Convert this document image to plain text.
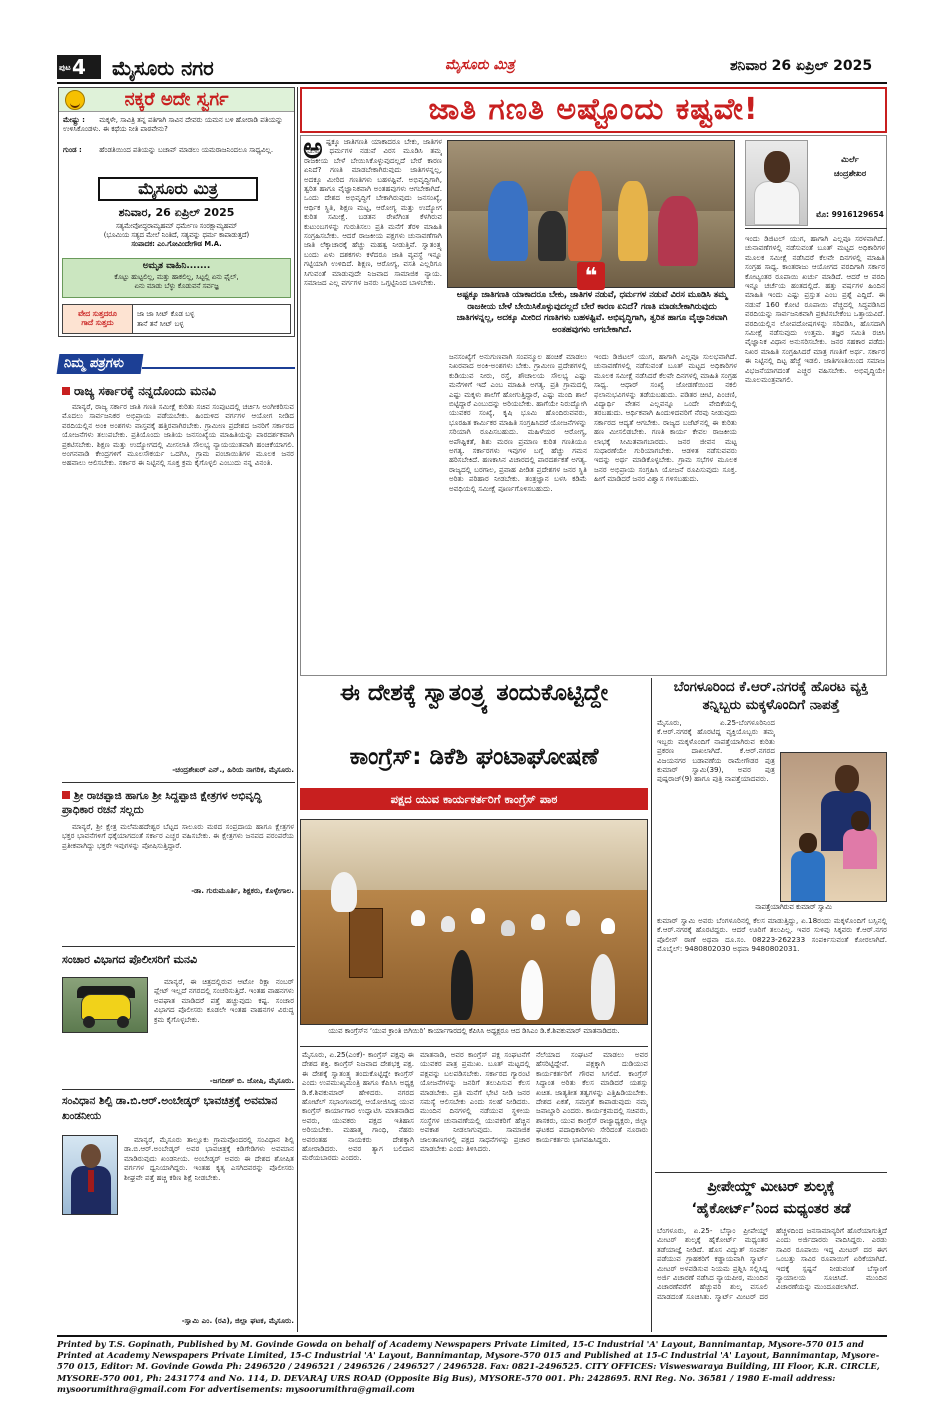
ಪುಟ 4	ಮೈಸೂರು ನಗರ	ಮೈಸೂರು ಮಿತ್ರ	ಶನಿವಾರ 26 ಏಪ್ರಿಲ್ 2025
ನಕ್ಕರೆ ಅದೇ ಸ್ವರ್ಗ
ಮೇಷ್ಟ್ರು : ಮಕ್ಕಳೇ, ಸಾವಿತ್ರಿ ತನ್ನ ಪತಿಗಾಗಿ ಸಾವಿನ ದೇವರು ಯಮನ ಬಳಿ ಹೋರಾಡಿ ಪತಿಯನ್ನು ಉಳಿಸಿಕೊಂಡಳು. ಈ ಕಥೆಯ ನೀತಿ ಪಾಠವೇನು?
ಗುಂಡ : ಹೆಂಡತಿಯಿಂದ ಪತಿಯನ್ನು ಬಚಾವ್ ಮಾಡಲು ಯಮರಾಜನಿಂದಲೂ ಸಾಧ್ಯವಿಲ್ಲ.
ಮೈಸೂರು ಮಿತ್ರ
ಶನಿವಾರ, 26 ಏಪ್ರಿಲ್ 2025
ಸತ್ಯಮೇವೋದ್ಧರಾಮ್ಯಹಮ್ ಧರ್ಮೇಣ ಸಂರಕ್ಷಾಮ್ಯಹಮ್
(ಭೂಮಿಯ ಸತ್ಯದ ಮೇಲೆ ನಿಂತಿದೆ, ಸತ್ಯವನ್ನು ಧರ್ಮ ಕಾಪಾಡುತ್ತದೆ)
ಸಂಪಾದಕ: ಎಂ.ಗೋವಿಂದೇಗೌಡ M.A.
ಅಮೃತ ವಾಹಿನಿ.......
ಕೊಟ್ಟು ಹುಟ್ಟಲಿಲ್ಲ, ಮತ್ತು ಹಾಕಲಿಲ್ಲ, ಸಿಟ್ಟಲ್ಲಿ ಏನು ಫೈಲ್,
ಏನು ಮಾಡು ಬೆಳ್ಳು ಕೊಡುವನೆ ಸರ್ವಜ್ಞ
ವೇದ ಸುತ್ತದರೂ
ಗಾದೆ ಸುತ್ತದು
ಜಾ ಜಾ ಸೀಟ್ ಕೊಡ ಬಳ್ಳ
ತಾನೆ ತನೆ ಸೀಟ್ ಬಳ್ಳ
ನಿಮ್ಮ ಪತ್ರಗಳು
ರಾಜ್ಯ ಸರ್ಕಾರಕ್ಕೆ ನನ್ನದೊಂದು ಮನವಿ

ಮಾನ್ಯರೆ, ರಾಜ್ಯ ಸರ್ಕಾರ ಜಾತಿ ಗಣತಿ ಸಮೀಕ್ಷೆ ಕುರಿತು ಸಚಿವ ಸಂಪುಟದಲ್ಲಿ ಚರ್ಚಿಸಿ ಅಂಗೀಕರಿಸುವ ಮೊದಲು ಸಾರ್ವಜನಿಕರ ಅಭಿಪ್ರಾಯ ಪಡೆಯಬೇಕು. ಹಿಂದುಳಿದ ವರ್ಗಗಳ ಆಯೋಗ ನೀಡಿದ ವರದಿಯಲ್ಲಿನ ಅಂಕಿ ಅಂಶಗಳು ವಾಸ್ತವಕ್ಕೆ ಹತ್ತಿರವಾಗಿರಬೇಕು. ಗ್ರಾಮೀಣ ಪ್ರದೇಶದ ಜನರಿಗೆ ಸರ್ಕಾರದ ಯೋಜನೆಗಳು ತಲುಪಬೇಕು. ಪ್ರತಿಯೊಂದು ಜಾತಿಯ ಜನಸಂಖ್ಯೆಯ ಮಾಹಿತಿಯನ್ನು ಪಾರದರ್ಶಕವಾಗಿ ಪ್ರಕಟಿಸಬೇಕು. ಶಿಕ್ಷಣ ಮತ್ತು ಉದ್ಯೋಗದಲ್ಲಿ ಮೀಸಲಾತಿ ಸೌಲಭ್ಯ ನ್ಯಾಯಯುತವಾಗಿ ಹಂಚಿಕೆಯಾಗಲಿ. ಅಂಗನವಾಡಿ ಕೇಂದ್ರಗಳಿಗೆ ಮೂಲಸೌಕರ್ಯ ಒದಗಿಸಿ, ಗ್ರಾಮ ಪಂಚಾಯಿತಿಗಳ ಮೂಲಕ ಜನರ ಅಹವಾಲು ಆಲಿಸಬೇಕು. ಸರ್ಕಾರ ಈ ನಿಟ್ಟಿನಲ್ಲಿ ಸೂಕ್ತ ಕ್ರಮ ಕೈಗೊಳ್ಳಲಿ ಎಂಬುದು ನನ್ನ ವಿನಂತಿ.

-ಚಂದ್ರಶೇಖರ್ ಎನ್., ಹಿರಿಯ ನಾಗರಿಕ, ಮೈಸೂರು.
ಶ್ರೀ ರಾಚಪ್ಪಾಜಿ ಹಾಗೂ ಶ್ರೀ ಸಿದ್ದಪ್ಪಾಜಿ ಕ್ಷೇತ್ರಗಳ ಅಭಿವೃದ್ಧಿ ಪ್ರಾಧಿಕಾರ ರಚನೆ ಸಲ್ಲದು

ಮಾನ್ಯರೆ, ಶ್ರೀ ಕ್ಷೇತ್ರ ಮಲೆಮಹದೇಶ್ವರ ಬೆಟ್ಟದ ಸಾಲೂರು ಮಠದ ಸಂಪ್ರದಾಯ ಹಾಗೂ ಕ್ಷೇತ್ರಗಳ ಭಕ್ತರ ಭಾವನೆಗಳಿಗೆ ಧಕ್ಕೆಯಾಗದಂತೆ ಸರ್ಕಾರ ಎಚ್ಚರ ವಹಿಸಬೇಕು. ಈ ಕ್ಷೇತ್ರಗಳು ಜನಪದ ಪರಂಪರೆಯ ಪ್ರತೀಕವಾಗಿದ್ದು ಭಕ್ತರೇ ಇವುಗಳನ್ನು ಪೋಷಿಸುತ್ತಿದ್ದಾರೆ.

-ಡಾ. ಗುರುಮೂರ್ತಿ, ಶಿಕ್ಷಕರು, ಕೊಳ್ಳೇಗಾಲ.
ಸಂಚಾರ ವಿಭಾಗದ ಪೊಲೀಸರಿಗೆ ಮನವಿ

ಮಾನ್ಯರೆ, ಈ ಚಿತ್ರದಲ್ಲಿರುವ ಆಟೋ ರಿಕ್ಷಾ ನಂಬರ್ ಪ್ಲೇಟ್ ಇಲ್ಲದೆ ನಗರದಲ್ಲಿ ಸಂಚರಿಸುತ್ತಿದೆ. ಇಂತಹ ವಾಹನಗಳು ಅಪಘಾತ ಮಾಡಿದರೆ ಪತ್ತೆ ಹಚ್ಚುವುದು ಕಷ್ಟ. ಸಂಚಾರ ವಿಭಾಗದ ಪೊಲೀಸರು ಕೂಡಲೇ ಇಂತಹ ವಾಹನಗಳ ವಿರುದ್ಧ ಕ್ರಮ ಕೈಗೊಳ್ಳಬೇಕು.

-ಜಗದೀಶ್ ಬಿ. ಜೋಷಿ, ಮೈಸೂರು.
ಸಂವಿಧಾನ ಶಿಲ್ಪಿ ಡಾ.ಬಿ.ಆರ್.ಅಂಬೇಡ್ಕರ್ ಭಾವಚಿತ್ರಕ್ಕೆ ಅವಮಾನ ಖಂಡನೀಯ

ಮಾನ್ಯರೆ, ಮೈಸೂರು ತಾಲ್ಲೂಕು ಗ್ರಾಮವೊಂದರಲ್ಲಿ ಸಂವಿಧಾನ ಶಿಲ್ಪಿ ಡಾ.ಬಿ.ಆರ್.ಅಂಬೇಡ್ಕರ್ ಅವರ ಭಾವಚಿತ್ರಕ್ಕೆ ಕಿಡಿಗೇಡಿಗಳು ಅವಮಾನ ಮಾಡಿರುವುದು ಖಂಡನೀಯ. ಅಂಬೇಡ್ಕರ್ ಅವರು ಈ ದೇಶದ ಶೋಷಿತ ವರ್ಗಗಳ ಧ್ವನಿಯಾಗಿದ್ದರು. ಇಂತಹ ಕೃತ್ಯ ಎಸಗಿದವರನ್ನು ಪೊಲೀಸರು ಶೀಘ್ರವೇ ಪತ್ತೆ ಹಚ್ಚಿ ಕಠಿಣ ಶಿಕ್ಷೆ ನೀಡಬೇಕು.

-ಸ್ವಾಮಿ ಎಂ. (ರವಿ), ಜಿಲ್ಲಾ ಘಟಕ, ಮೈಸೂರು.
ಜಾತಿ ಗಣತಿ ಅಷ್ಟೊಂದು ಕಷ್ಟವೇ!
ಅ ಷ್ಟಕ್ಕೂ ಜಾತಿಗಣತಿ ಯಾಕಾದರೂ ಬೇಕು, ಜಾತಿಗಳ ನಡುವೆ, ಧರ್ಮಗಳ ನಡುವೆ ವಿರಸ ಮೂಡಿಸಿ ತಮ್ಮ ರಾಜಕೀಯ ಬೇಳೆ ಬೇಯಿಸಿಕೊಳ್ಳುವುದಲ್ಲದೆ ಬೇರೆ ಕಾರಣ ಏನಿದೆ? ಗಣತಿ ಮಾಡಬೇಕಾಗಿರುವುದು ಜಾತಿಗಳನ್ನಲ್ಲ, ಅದಕ್ಕೂ ಮೀರಿದ ಗಣತಿಗಳು ಬಹಳಷ್ಟಿವೆ. ಅಭಿವೃದ್ಧಿಗಾಗಿ, ತ್ವರಿತ ಹಾಗೂ ವೈಜ್ಞಾನಿಕವಾಗಿ ಅಂತಹವುಗಳು ಆಗಬೇಕಾಗಿದೆ. ಒಂದು ದೇಶದ ಅಭಿವೃದ್ಧಿಗೆ ಬೇಕಾಗಿರುವುದು ಜನಸಂಖ್ಯೆ, ಆರ್ಥಿಕ ಸ್ಥಿತಿ, ಶಿಕ್ಷಣ ಮಟ್ಟ, ಆರೋಗ್ಯ ಮತ್ತು ಉದ್ಯೋಗ ಕುರಿತ ಸಮೀಕ್ಷೆ. ಬಡತನ ರೇಖೆಗಿಂತ ಕೆಳಗಿರುವ ಕುಟುಂಬಗಳನ್ನು ಗುರುತಿಸಲು ಪ್ರತಿ ಮನೆಗೆ ತೆರಳಿ ಮಾಹಿತಿ ಸಂಗ್ರಹಿಸಬೇಕು. ಆದರೆ ರಾಜಕೀಯ ಪಕ್ಷಗಳು ಚುನಾವಣೆಗಾಗಿ ಜಾತಿ ಲೆಕ್ಕಾಚಾರಕ್ಕೆ ಹೆಚ್ಚು ಮಹತ್ವ ನೀಡುತ್ತಿವೆ. ಸ್ವಾತಂತ್ರ್ಯ ಬಂದು ಏಳು ದಶಕಗಳು ಕಳೆದರೂ ಜಾತಿ ವ್ಯವಸ್ಥೆ ಇನ್ನೂ ಗಟ್ಟಿಯಾಗಿ ಉಳಿದಿದೆ. ಶಿಕ್ಷಣ, ಆರೋಗ್ಯ, ವಸತಿ ಎಲ್ಲರಿಗೂ ಸಿಗುವಂತೆ ಮಾಡುವುದೇ ನಿಜವಾದ ಸಾಮಾಜಿಕ ನ್ಯಾಯ. ಸಮಾಜದ ಎಲ್ಲ ವರ್ಗಗಳ ಜನರು ಒಗ್ಗಟ್ಟಿನಿಂದ ಬಾಳಬೇಕು.	❝
ಅಷ್ಟಕ್ಕೂ ಜಾತಿಗಣತಿ ಯಾಕಾದರೂ ಬೇಕು, ಜಾತಿಗಳ ನಡುವೆ, ಧರ್ಮಗಳ ನಡುವೆ ವಿರಸ ಮೂಡಿಸಿ ತಮ್ಮ ರಾಜಕೀಯ ಬೇಳೆ ಬೇಯಿಸಿಕೊಳ್ಳುವುದಲ್ಲದೆ ಬೇರೆ ಕಾರಣ ಏನಿದೆ? ಗಣತಿ ಮಾಡಬೇಕಾಗಿರುವುದು ಜಾತಿಗಳನ್ನಲ್ಲ, ಅದಕ್ಕೂ ಮೀರಿದ ಗಣತಿಗಳು ಬಹಳಷ್ಟಿವೆ. ಅಭಿವೃದ್ಧಿಗಾಗಿ, ತ್ವರಿತ ಹಾಗೂ ವೈಜ್ಞಾನಿಕವಾಗಿ ಅಂತಹವುಗಳು ಆಗಬೇಕಾಗಿದೆ.
ಜನಸಂಖ್ಯೆಗೆ ಅನುಗುಣವಾಗಿ ಸಂಪನ್ಮೂಲ ಹಂಚಿಕೆ ಮಾಡಲು ನಿಖರವಾದ ಅಂಕಿ-ಅಂಶಗಳು ಬೇಕು. ಗ್ರಾಮೀಣ ಪ್ರದೇಶಗಳಲ್ಲಿ ಕುಡಿಯುವ ನೀರು, ರಸ್ತೆ, ಶೌಚಾಲಯ ಸೌಲಭ್ಯ ಎಷ್ಟು ಮನೆಗಳಿಗೆ ಇದೆ ಎಂಬ ಮಾಹಿತಿ ಅಗತ್ಯ. ಪ್ರತಿ ಗ್ರಾಮದಲ್ಲಿ ಎಷ್ಟು ಮಕ್ಕಳು ಶಾಲೆಗೆ ಹೋಗುತ್ತಿದ್ದಾರೆ, ಎಷ್ಟು ಮಂದಿ ಶಾಲೆ ಬಿಟ್ಟಿದ್ದಾರೆ ಎಂಬುದನ್ನು ಅರಿಯಬೇಕು. ಹಾಗೆಯೇ ನಿರುದ್ಯೋಗಿ ಯುವಕರ ಸಂಖ್ಯೆ, ಕೃಷಿ ಭೂಮಿ ಹೊಂದಿರುವವರು, ಭೂರಹಿತ ಕಾರ್ಮಿಕರ ಮಾಹಿತಿ ಸಂಗ್ರಹಿಸಿದರೆ ಯೋಜನೆಗಳನ್ನು ಸರಿಯಾಗಿ ರೂಪಿಸಬಹುದು. ಮಹಿಳೆಯರ ಆರೋಗ್ಯ, ಅಪೌಷ್ಟಿಕತೆ, ಶಿಶು ಮರಣ ಪ್ರಮಾಣ ಕುರಿತ ಗಣತಿಯೂ ಅಗತ್ಯ. ಸರ್ಕಾರಗಳು ಇವುಗಳ ಬಗ್ಗೆ ಹೆಚ್ಚು ಗಮನ ಹರಿಸಬೇಕಿದೆ. ಹಣಕಾಸಿನ ವಿಚಾರದಲ್ಲಿ ಪಾರದರ್ಶಕತೆ ಅಗತ್ಯ. ರಾಜ್ಯದಲ್ಲಿ ಬರಗಾಲ, ಪ್ರವಾಹ ಪೀಡಿತ ಪ್ರದೇಶಗಳ ಜನರ ಸ್ಥಿತಿ ಅರಿತು ಪರಿಹಾರ ನೀಡಬೇಕು. ತಂತ್ರಜ್ಞಾನ ಬಳಸಿ ಕಡಿಮೆ ಅವಧಿಯಲ್ಲಿ ಸಮೀಕ್ಷೆ ಪೂರ್ಣಗೊಳಿಸಬಹುದು.
ಇಂದು ಡಿಜಿಟಲ್ ಯುಗ, ಹಾಗಾಗಿ ಎಲ್ಲವೂ ಸುಲಭವಾಗಿದೆ. ಚುನಾವಣೆಗಳಲ್ಲಿ ನಡೆಸುವಂತೆ ಬೂತ್ ಮಟ್ಟದ ಅಧಿಕಾರಿಗಳ ಮೂಲಕ ಸಮೀಕ್ಷೆ ನಡೆಸಿದರೆ ಕೆಲವೇ ದಿನಗಳಲ್ಲಿ ಮಾಹಿತಿ ಸಂಗ್ರಹ ಸಾಧ್ಯ. ಆಧಾರ್ ಸಂಖ್ಯೆ ಜೋಡಣೆಯಿಂದ ನಕಲಿ ಫಲಾನುಭವಿಗಳನ್ನು ತಡೆಯಬಹುದು. ಪಡಿತರ ಚೀಟಿ, ಪಿಂಚಣಿ, ವಿದ್ಯಾರ್ಥಿ ವೇತನ ಎಲ್ಲವನ್ನೂ ಒಂದೇ ವೇದಿಕೆಯಲ್ಲಿ ತರಬಹುದು. ಆರ್ಥಿಕವಾಗಿ ಹಿಂದುಳಿದವರಿಗೆ ನೆರವು ನೀಡುವುದು ಸರ್ಕಾರದ ಆದ್ಯತೆ ಆಗಬೇಕು. ರಾಜ್ಯದ ಬಜೆಟ್‌ನಲ್ಲಿ ಈ ಕುರಿತು ಹಣ ಮೀಸಲಿಡಬೇಕು. ಗಣತಿ ಕಾರ್ಯ ಕೇವಲ ರಾಜಕೀಯ ಲಾಭಕ್ಕೆ ಸೀಮಿತವಾಗಬಾರದು. ಜನರ ಜೀವನ ಮಟ್ಟ ಸುಧಾರಣೆಯೇ ಗುರಿಯಾಗಬೇಕು. ಆಡಳಿತ ನಡೆಸುವವರು ಇದನ್ನು ಅರ್ಥ ಮಾಡಿಕೊಳ್ಳಬೇಕು. ಗ್ರಾಮ ಸಭೆಗಳ ಮೂಲಕ ಜನರ ಅಭಿಪ್ರಾಯ ಸಂಗ್ರಹಿಸಿ ಯೋಜನೆ ರೂಪಿಸುವುದು ಸೂಕ್ತ. ಹೀಗೆ ಮಾಡಿದರೆ ಜನರ ವಿಶ್ವಾಸ ಗಳಿಸಬಹುದು.
ಮಿರ್ಲೆ
ಚಂದ್ರಶೇಖರ
ಮೊ: 9916129654
ಇಂದು ಡಿಜಿಟಲ್ ಯುಗ, ಹಾಗಾಗಿ ಎಲ್ಲವೂ ಸರಳವಾಗಿದೆ. ಚುನಾವಣೆಗಳಲ್ಲಿ ನಡೆಸುವಂತೆ ಬೂತ್ ಮಟ್ಟದ ಅಧಿಕಾರಿಗಳ ಮೂಲಕ ಸಮೀಕ್ಷೆ ನಡೆಸಿದರೆ ಕೆಲವೇ ದಿನಗಳಲ್ಲಿ ಮಾಹಿತಿ ಸಂಗ್ರಹ ಸಾಧ್ಯ. ಕಾಂತರಾಜು ಆಯೋಗದ ವರದಿಗಾಗಿ ಸರ್ಕಾರ ಕೋಟ್ಯಂತರ ರೂಪಾಯಿ ಖರ್ಚು ಮಾಡಿದೆ. ಆದರೆ ಆ ವರದಿ ಇನ್ನೂ ಚರ್ಚೆಯ ಹಂತದಲ್ಲಿದೆ. ಹತ್ತು ವರ್ಷಗಳ ಹಿಂದಿನ ಮಾಹಿತಿ ಇಂದು ಎಷ್ಟು ಪ್ರಸ್ತುತ ಎಂಬ ಪ್ರಶ್ನೆ ಎದ್ದಿದೆ. ಈ ನಡುವೆ 160 ಕೋಟಿ ರೂಪಾಯಿ ವೆಚ್ಚದಲ್ಲಿ ಸಿದ್ಧಪಡಿಸಿದ ವರದಿಯನ್ನು ಸಾರ್ವಜನಿಕವಾಗಿ ಪ್ರಕಟಿಸಬೇಕೆಂಬ ಒತ್ತಾಯವಿದೆ. ವರದಿಯಲ್ಲಿನ ಲೋಪದೋಷಗಳನ್ನು ಸರಿಪಡಿಸಿ, ಹೊಸದಾಗಿ ಸಮೀಕ್ಷೆ ನಡೆಸುವುದು ಉತ್ತಮ. ತಜ್ಞರ ಸಮಿತಿ ರಚಿಸಿ ವೈಜ್ಞಾನಿಕ ವಿಧಾನ ಅನುಸರಿಸಬೇಕು. ಜನರ ಸಹಕಾರ ಪಡೆದು ನಿಖರ ಮಾಹಿತಿ ಸಂಗ್ರಹಿಸಿದರೆ ಮಾತ್ರ ಗಣತಿಗೆ ಅರ್ಥ. ಸರ್ಕಾರ ಈ ನಿಟ್ಟಿನಲ್ಲಿ ದಿಟ್ಟ ಹೆಜ್ಜೆ ಇಡಲಿ. ಜಾತಿಗಣತಿಯಿಂದ ಸಮಾಜ ವಿಭಜನೆಯಾಗದಂತೆ ಎಚ್ಚರ ವಹಿಸಬೇಕು. ಅಭಿವೃದ್ಧಿಯೇ ಮೂಲಮಂತ್ರವಾಗಲಿ.
ಈ ದೇಶಕ್ಕೆ ಸ್ವಾತಂತ್ರ್ಯ ತಂದುಕೊಟ್ಟಿದ್ದೇ
ಕಾಂಗ್ರೆಸ್: ಡಿಕೆಶಿ ಘಂಟಾಘೋಷಣೆ
ಪಕ್ಷದ ಯುವ ಕಾರ್ಯಕರ್ತರಿಗೆ ಕಾಂಗ್ರೆಸ್ ಪಾಠ
ಯುವ ಕಾಂಗ್ರೆಸ್‌ನ ‘ಯುವ ಕ್ರಾಂತಿ ಬಿಗಿಯಿರಿ’ ಕಾರ್ಯಾಗಾರದಲ್ಲಿ ಕೆಪಿಸಿಸಿ ಅಧ್ಯಕ್ಷರೂ ಆದ ಡಿಸಿಎಂ ಡಿ.ಕೆ.ಶಿವಕುಮಾರ್ ಮಾತನಾಡಿದರು.
ಮೈಸೂರು, ಏ.25(ಎಂಕೆ)- ಕಾಂಗ್ರೆಸ್ ಪಕ್ಷವು ಈ ದೇಶದ ಶಕ್ತಿ. ಕಾಂಗ್ರೆಸ್ ನಿಜವಾದ ದೇಶಭಕ್ತ ಪಕ್ಷ. ಈ ದೇಶಕ್ಕೆ ಸ್ವಾತಂತ್ರ್ಯ ತಂದುಕೊಟ್ಟಿದ್ದೇ ಕಾಂಗ್ರೆಸ್ ಎಂದು ಉಪಮುಖ್ಯಮಂತ್ರಿ ಹಾಗೂ ಕೆಪಿಸಿಸಿ ಅಧ್ಯಕ್ಷ ಡಿ.ಕೆ.ಶಿವಕುಮಾರ್ ಹೇಳಿದರು. ನಗರದ ಹೋಟೆಲ್ ಸಭಾಂಗಣದಲ್ಲಿ ಆಯೋಜಿಸಿದ್ದ ಯುವ ಕಾಂಗ್ರೆಸ್ ಕಾರ್ಯಾಗಾರ ಉದ್ಘಾಟಿಸಿ ಮಾತನಾಡಿದ ಅವರು, ಯುವಕರು ಪಕ್ಷದ ಇತಿಹಾಸ ಅರಿಯಬೇಕು. ಮಹಾತ್ಮ ಗಾಂಧಿ, ನೆಹರು ಅವರಂತಹ ನಾಯಕರು ದೇಶಕ್ಕಾಗಿ ಹೋರಾಡಿದರು. ಅವರ ತ್ಯಾಗ ಬಲಿದಾನ ಮರೆಯಬಾರದು ಎಂದರು.
ಮಾತನಾಡಿ, ಅವರ ಕಾಂಗ್ರೆಸ್ ಪಕ್ಷ ಸಂಘಟನೆಗೆ ಯುವಕರ ಪಾತ್ರ ಪ್ರಮುಖ. ಬೂತ್ ಮಟ್ಟದಲ್ಲಿ ಪಕ್ಷವನ್ನು ಬಲಪಡಿಸಬೇಕು. ಸರ್ಕಾರದ ಗ್ಯಾರಂಟಿ ಯೋಜನೆಗಳನ್ನು ಜನರಿಗೆ ತಲುಪಿಸುವ ಕೆಲಸ ಮಾಡಬೇಕು. ಪ್ರತಿ ಮನೆಗೆ ಭೇಟಿ ನೀಡಿ ಜನರ ಸಮಸ್ಯೆ ಆಲಿಸಬೇಕು ಎಂದು ಸಲಹೆ ನೀಡಿದರು. ಮುಂದಿನ ದಿನಗಳಲ್ಲಿ ನಡೆಯುವ ಸ್ಥಳೀಯ ಸಂಸ್ಥೆಗಳ ಚುನಾವಣೆಯಲ್ಲಿ ಯುವಕರಿಗೆ ಹೆಚ್ಚಿನ ಅವಕಾಶ ನೀಡಲಾಗುವುದು. ಸಾಮಾಜಿಕ ಜಾಲತಾಣಗಳಲ್ಲಿ ಪಕ್ಷದ ಸಾಧನೆಗಳನ್ನು ಪ್ರಚಾರ ಮಾಡಬೇಕು ಎಂದು ತಿಳಿಸಿದರು.
ನೆಲೆಯಾದ ಸಂಘಟನೆ ಮಾಡಲು ಅವರ ಹೆಸರಿಟ್ಟಿದ್ದೇವೆ. ಪಕ್ಷಕ್ಕಾಗಿ ದುಡಿಯುವ ಕಾರ್ಯಕರ್ತರಿಗೆ ಗೌರವ ಸಿಗಲಿದೆ. ಕಾಂಗ್ರೆಸ್ ಸಿದ್ಧಾಂತ ಅರಿತು ಕೆಲಸ ಮಾಡಿದರೆ ಯಶಸ್ಸು ಖಚಿತ. ಜಾತ್ಯತೀತ ತತ್ವಗಳನ್ನು ಎತ್ತಿಹಿಡಿಯಬೇಕು. ದೇಶದ ಏಕತೆ, ಸಮಗ್ರತೆ ಕಾಪಾಡುವುದು ನಮ್ಮ ಜವಾಬ್ದಾರಿ ಎಂದರು. ಕಾರ್ಯಕ್ರಮದಲ್ಲಿ ಸಚಿವರು, ಶಾಸಕರು, ಯುವ ಕಾಂಗ್ರೆಸ್ ರಾಜ್ಯಾಧ್ಯಕ್ಷರು, ಜಿಲ್ಲಾ ಘಟಕದ ಪದಾಧಿಕಾರಿಗಳು ಸೇರಿದಂತೆ ನೂರಾರು ಕಾರ್ಯಕರ್ತರು ಭಾಗವಹಿಸಿದ್ದರು.
ಬೆಂಗಳೂರಿಂದ ಕೆ.ಆರ್.ನಗರಕ್ಕೆ ಹೊರಟ ವ್ಯಕ್ತಿ ತನ್ನಿಬ್ಬರು ಮಕ್ಕಳೊಂದಿಗೆ ನಾಪತ್ತೆ
ಮೈಸೂರು, ಏ.25-ಬೆಂಗಳೂರಿನಿಂದ ಕೆ.ಆರ್.ನಗರಕ್ಕೆ ಹೊರಟಿದ್ದ ವ್ಯಕ್ತಿಯೊಬ್ಬರು ತಮ್ಮ ಇಬ್ಬರು ಮಕ್ಕಳೊಂದಿಗೆ ನಾಪತ್ತೆಯಾಗಿರುವ ಕುರಿತು ಪ್ರಕರಣ ದಾಖಲಾಗಿದೆ. ಕೆ.ಆರ್.ನಗರದ ವಿಜಯನಗರ ಬಡಾವಣೆಯ ರಾಮೇಗೌಡರ ಪುತ್ರ ಕುಮಾರ್ ಸ್ವಾಮಿ(39), ಅವರ ಪುತ್ರ ಪುಷ್ಪರಾಜ್(9) ಹಾಗೂ ಪುತ್ರಿ ನಾಪತ್ತೆಯಾದವರು.
ನಾಪತ್ತೆಯಾಗಿರುವ ಕುಮಾರ್ ಸ್ವಾಮಿ
ಕುಮಾರ್ ಸ್ವಾಮಿ ಅವರು ಬೆಂಗಳೂರಿನಲ್ಲಿ ಕೆಲಸ ಮಾಡುತ್ತಿದ್ದು, ಏ.18ರಂದು ಮಕ್ಕಳೊಂದಿಗೆ ಬಸ್ಸಿನಲ್ಲಿ ಕೆ.ಆರ್.ನಗರಕ್ಕೆ ಹೊರಟಿದ್ದರು. ಆದರೆ ಊರಿಗೆ ತಲುಪಿಲ್ಲ. ಇವರ ಸುಳಿವು ಸಿಕ್ಕವರು ಕೆ.ಆರ್.ನಗರ ಪೊಲೀಸ್ ಠಾಣೆ ಅಥವಾ ದೂ.ಸಂ. 08223-262233 ಸಂಪರ್ಕಿಸುವಂತೆ ಕೋರಲಾಗಿದೆ. ಮೊಬೈಲ್: 9480802030 ಅಥವಾ 9480802031.
ಪ್ರೀಪೇಯ್ಡ್ ಮೀಟರ್ ಶುಲ್ಕಕ್ಕೆ
‘ಹೈಕೋರ್ಟ್’ನಿಂದ ಮಧ್ಯಂತರ ತಡೆ
ಬೆಂಗಳೂರು, ಏ.25- ಬೆಸ್ಕಾಂ ಪ್ರೀಪೇಯ್ಡ್ ಮೀಟರ್ ಶುಲ್ಕಕ್ಕೆ ಹೈಕೋರ್ಟ್ ಮಧ್ಯಂತರ ತಡೆಯಾಜ್ಞೆ ನೀಡಿದೆ. ಹೊಸ ವಿದ್ಯುತ್ ಸಂಪರ್ಕ ಪಡೆಯುವ ಗ್ರಾಹಕರಿಗೆ ಕಡ್ಡಾಯವಾಗಿ ಸ್ಮಾರ್ಟ್ ಮೀಟರ್ ಅಳವಡಿಸುವ ನಿಯಮ ಪ್ರಶ್ನಿಸಿ ಸಲ್ಲಿಸಿದ್ದ ಅರ್ಜಿ ವಿಚಾರಣೆ ನಡೆಸಿದ ನ್ಯಾಯಪೀಠ, ಮುಂದಿನ ವಿಚಾರಣೆವರೆಗೆ ಹೆಚ್ಚುವರಿ ಶುಲ್ಕ ವಸೂಲಿ ಮಾಡದಂತೆ ಸೂಚಿಸಿತು. ಸ್ಮಾರ್ಟ್ ಮೀಟರ್ ದರ ಹೆಚ್ಚಳದಿಂದ ಜನಸಾಮಾನ್ಯರಿಗೆ ಹೊರೆಯಾಗುತ್ತಿದೆ ಎಂದು ಅರ್ಜಿದಾರರು ವಾದಿಸಿದ್ದರು. ಎರಡು ಸಾವಿರ ರೂಪಾಯಿ ಇದ್ದ ಮೀಟರ್ ದರ ಈಗ ಒಂಬತ್ತು ಸಾವಿರ ರೂಪಾಯಿಗೆ ಏರಿಕೆಯಾಗಿದೆ. ಇದಕ್ಕೆ ಸ್ಪಷ್ಟನೆ ನೀಡುವಂತೆ ಬೆಸ್ಕಾಂಗೆ ನ್ಯಾಯಾಲಯ ಸೂಚಿಸಿದೆ. ಮುಂದಿನ ವಿಚಾರಣೆಯನ್ನು ಮುಂದೂಡಲಾಗಿದೆ.
Printed by T.S. Gopinath, Published by M. Govinde Gowda on behalf of Academy Newspapers Private Limited, 15-C Industrial 'A' Layout, Bannimantap, Mysore-570 015 and Printed at Academy Newspapers Private Limited, 15-C Industrial 'A' Layout, Bannimantap, Mysore-570 015 and Published at 15-C Industrial 'A' Layout, Bannimantap, Mysore-570 015, Editor: M. Govinde Gowda Ph: 2496520 / 2496521 / 2496526 / 2496527 / 2496528. Fax: 0821-2496525. CITY OFFICES: Visweswaraya Building, III Floor, K.R. CIRCLE, MYSORE-570 001, Ph: 2431774 and No. 114, D. DEVARAJ URS ROAD (Opposite Big Bus), MYSORE-570 001. Ph: 2428695. RNI Reg. No. 36581 / 1980 E-mail address: mysoorumithra@gmail.com For advertisements: mysoorumithra@gmail.com
